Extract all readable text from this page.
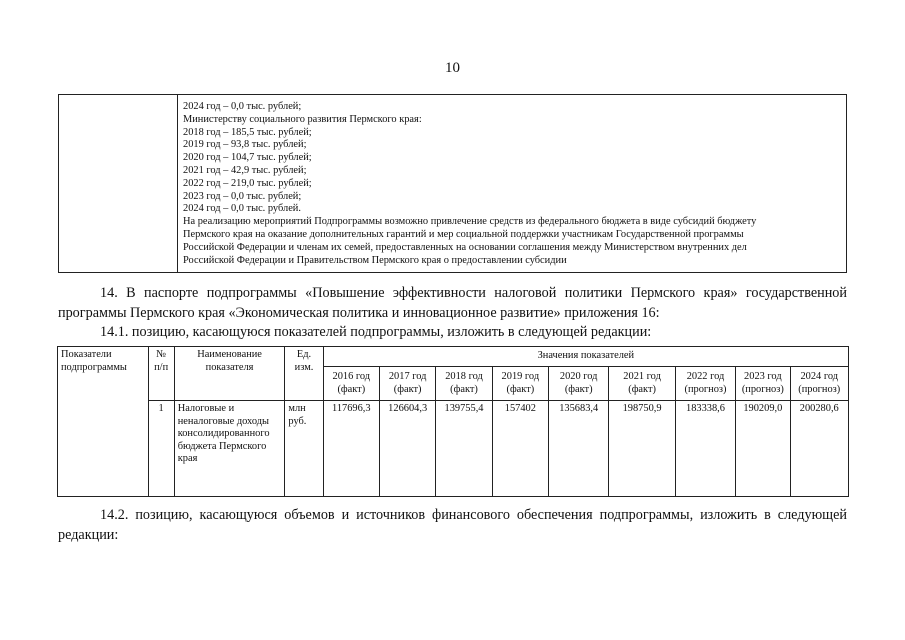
10
2024 год – 0,0 тыс. рублей;
Министерству социального развития Пермского края:
2018 год – 185,5 тыс. рублей;
2019 год – 93,8 тыс. рублей;
2020 год – 104,7 тыс. рублей;
2021 год – 42,9 тыс. рублей;
2022 год – 219,0 тыс. рублей;
2023 год – 0,0 тыс. рублей;
2024 год – 0,0 тыс. рублей.
На реализацию мероприятий Подпрограммы возможно привлечение средств из федерального бюджета в виде субсидий бюджету
Пермского края на оказание дополнительных гарантий и мер социальной поддержки участникам Государственной программы
Российской Федерации и членам их семей, предоставленных на основании соглашения между Министерством внутренних дел
Российской Федерации и Правительством Пермского края о предоставлении субсидии
14. В паспорте подпрограммы «Повышение эффективности налоговой политики Пермского края» государственной программы Пермского края «Экономическая политика и инновационное развитие» приложения 16:
14.1. позицию, касающуюся показателей подпрограммы, изложить в следующей редакции:
Показатели подпрограммы	№ п/п	Наименование показателя	Ед. изм.	Значения показателей								
				2016 год (факт)	2017 год (факт)	2018 год (факт)	2019 год (факт)	2020 год (факт)	2021 год (факт)	2022 год (прогноз)	2023 год (прогноз)	2024 год (прогноз)
	1	Налоговые и неналоговые доходы консолидированного бюджета Пермского края	млн руб.	117696,3	126604,3	139755,4	157402	135683,4	198750,9	183338,6	190209,0	200280,6
14.2. позицию, касающуюся объемов и источников финансового обеспечения подпрограммы, изложить в следующей редакции:
